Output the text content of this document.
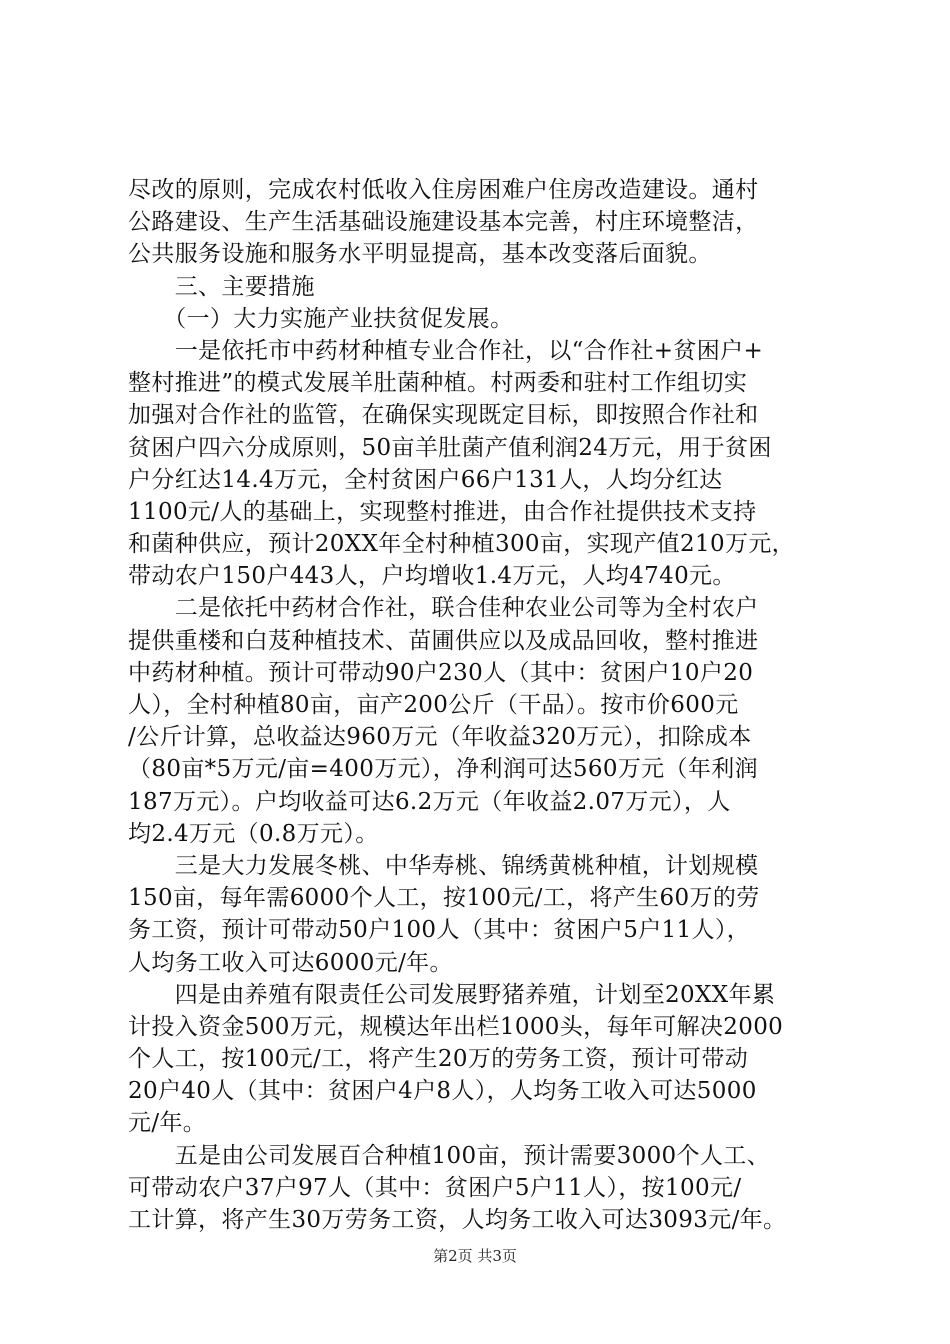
尽改的原则，完成农村低收入住房困难户住房改造建设。通村
公路建设、生产生活基础设施建设基本完善，村庄环境整洁，
公共服务设施和服务水平明显提高，基本改变落后面貌。
　　三、主要措施
　　（一）大力实施产业扶贫促发展。
　　一是依托市中药材种植专业合作社，以“合作社+贫困户+
整村推进”的模式发展羊肚菌种植。村两委和驻村工作组切实
加强对合作社的监管，在确保实现既定目标，即按照合作社和
贫困户四六分成原则，50亩羊肚菌产值利润24万元，用于贫困
户分红达14.4万元，全村贫困户66户131人，人均分红达
1100元/人的基础上，实现整村推进，由合作社提供技术支持
和菌种供应，预计20XX年全村种植300亩，实现产值210万元，
带动农户150户443人，户均增收1.4万元，人均4740元。
　　二是依托中药材合作社，联合佳种农业公司等为全村农户
提供重楼和白芨种植技术、苗圃供应以及成品回收，整村推进
中药材种植。预计可带动90户230人（其中：贫困户10户20
人），全村种植80亩，亩产200公斤（干品）。按市价600元
/公斤计算，总收益达960万元（年收益320万元），扣除成本
（80亩*5万元/亩=400万元），净利润可达560万元（年利润
187万元）。户均收益可达6.2万元（年收益2.07万元），人
均2.4万元（0.8万元）。
　　三是大力发展冬桃、中华寿桃、锦绣黄桃种植，计划规模
150亩，每年需6000个人工，按100元/工，将产生60万的劳
务工资，预计可带动50户100人（其中：贫困户5户11人），
人均务工收入可达6000元/年。
　　四是由养殖有限责任公司发展野猪养殖，计划至20XX年累
计投入资金500万元，规模达年出栏1000头，每年可解决2000
个人工，按100元/工，将产生20万的劳务工资，预计可带动
20户40人（其中：贫困户4户8人），人均务工收入可达5000
元/年。
　　五是由公司发展百合种植100亩，预计需要3000个人工、
可带动农户37户97人（其中：贫困户5户11人），按100元/
工计算，将产生30万劳务工资，人均务工收入可达3093元/年。
第2页 共3页
